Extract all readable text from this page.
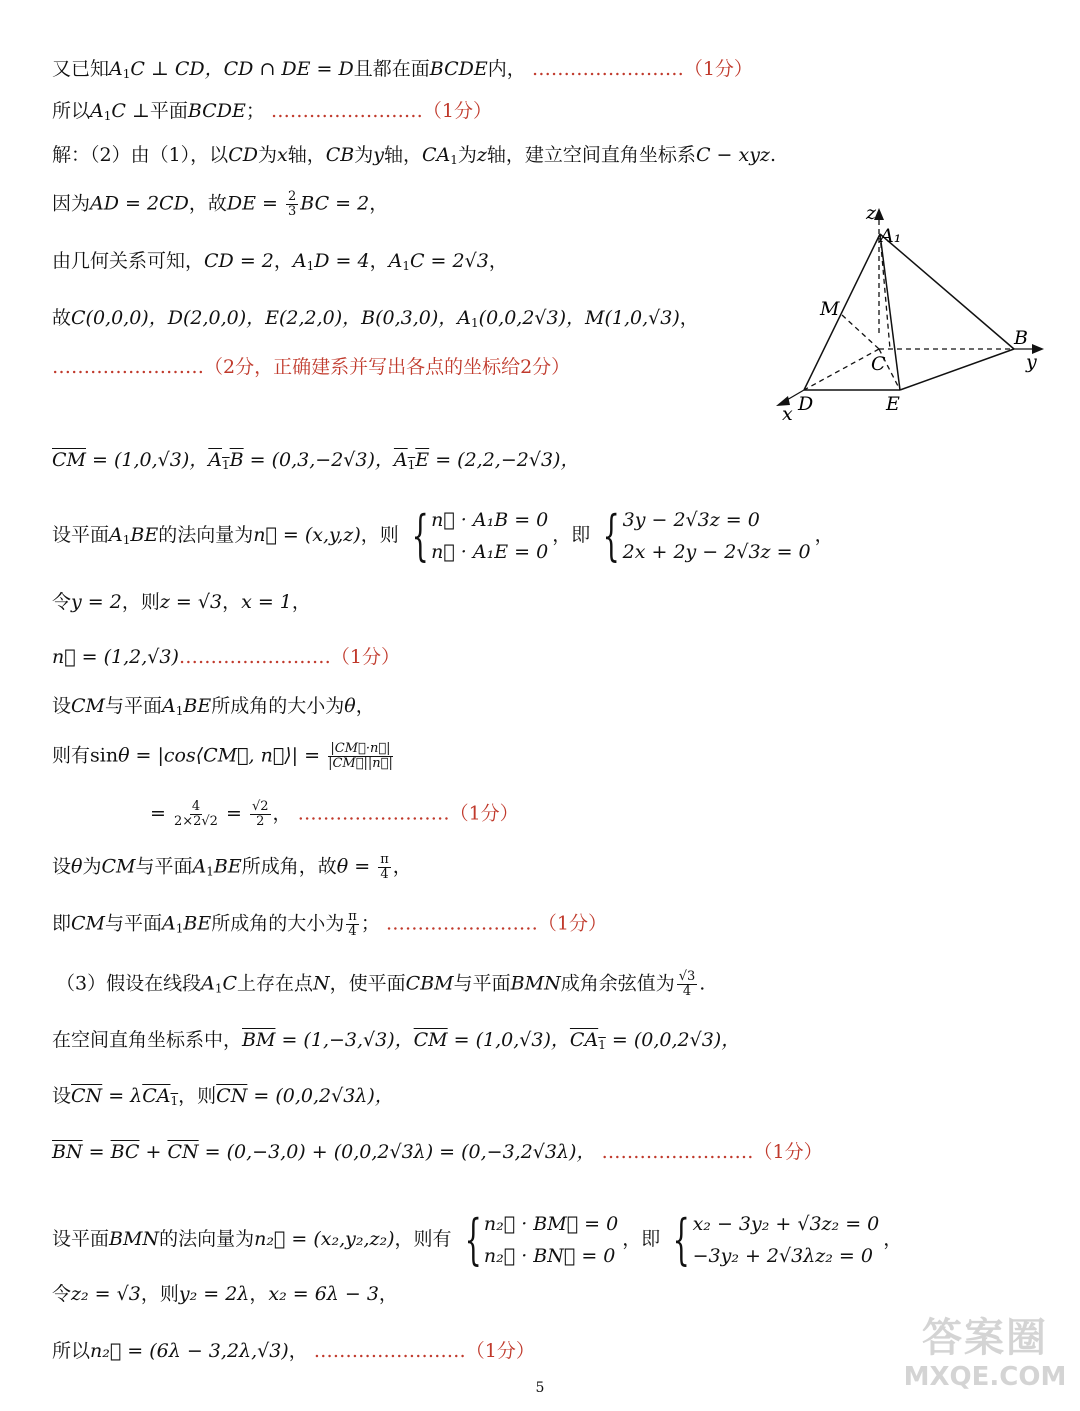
又已知$A_1C$ ⊥ CD，CD ∩ DE = D且都在面BCDE内， ……………………（1分）
所以$A_1C$ ⊥平面BCDE； ……………………（1分）
解：（2）由（1），以CD为x轴，CB为y轴，$CA_1$为z轴，建立空间直角坐标系C − xyz.
因为AD = 2CD，故DE = $\frac{2}{3}$ BC = 2，
由几何关系可知，CD = 2，$A_1D = 4$，$A_1C = 2√3$，
故C(0,0,0)，D(2,0,0)，E(2,2,0)，B(0,3,0)，$A_1(0,0,2√3)$，M(1,0,√3)，
……………………（2分，正确建系并写出各点的坐标给2分）
z
A₁
M
B
y
C
x D	E
$\overline{CM} = (1,0,√3)$，$A_1B = (0,3,-2√3)$，$A_1E = (2,2,-2√3)$，
设平面$A_1BE$的法向量为n⃗ = (x,y,z)，则 { n⃗ · A₁B = 0
n⃗ · A₁E = 0
，即 { 3y − 2√3z = 0
2x + 2y − 2√3z = 0
，
令y = 2，则z = √3，x = 1，
n⃗ = (1,2,√3)……………………（1分）
设CM与平面$A_1BE$所成角的大小为θ，
则有sinθ = |cos⟨CM⃗, n⃗⟩| = $\frac{|CM⃗\cdot n⃗|}{|CM⃗||n⃗|}$
= $\frac{4}{2\times 2√2} = \frac{√2}{2}$ ， ……………………（1分）
设θ为CM与平面$A_1BE$所成角，故$\theta = \frac{\pi}{4}$ ，
即CM与平面$A_1BE$所成角的大小为 $\frac{\pi}{4}$ ； ……………………（1分）
（3）假设在线段$A_1C$上存在点N，使平面CBM与平面BMN成角余弦值为 $\frac{√3}{4}$ .
在空间直角坐标系中，$\overline{BM} = (1,-3,√3)$，$\overline{CM} = (1,0,√3)$，$CA_1 = (0,0,2√3)$，
设$\overline{CN} = \lambda CA_1$，则$\overline{CN} = (0,0,2√3\lambda)$，
$\overline{BN} = \overline{BC} + \overline{CN} = (0,-3,0) + (0,0,2√3\lambda) = (0,-3,2√3\lambda)$， ……………………（1分）
设平面BMN的法向量为n₂⃗ = (x₂,y₂,z₂)，则有 { n₂⃗ · BM⃗ = 0
n₂⃗ · BN⃗ = 0
，即 { x₂ − 3y₂ + √3z₂ = 0
−3y₂ + 2√3λz₂ = 0
，
令z₂ = √3，则y₂ = 2λ，x₂ = 6λ − 3，
所以n₂⃗ = (6λ − 3,2λ,√3)， ……………………（1分）
5
答案圈
MXQE.COM
